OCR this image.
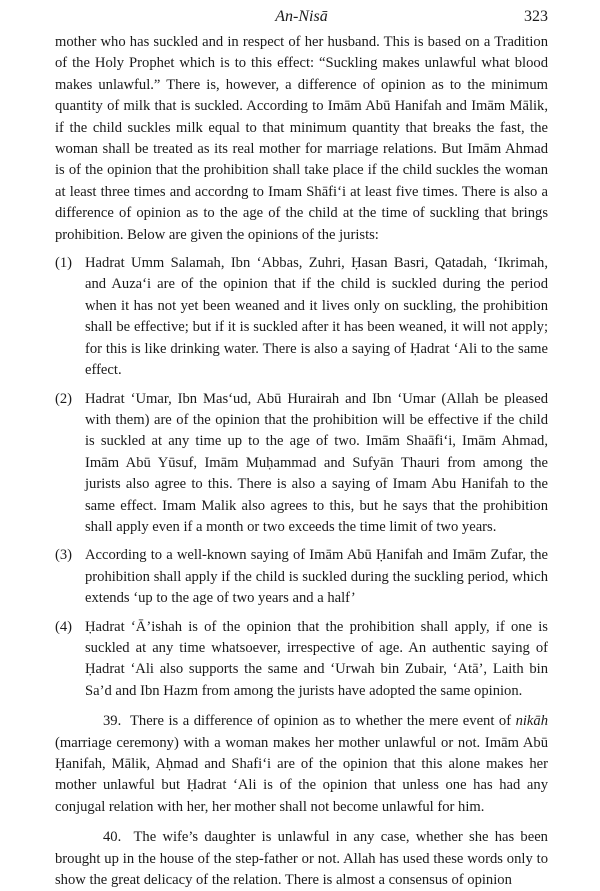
An-Nisā	323

mother who has suckled and in respect of her husband. This is based on a Tradition of the Holy Prophet which is to this effect: “Suckling makes unlawful what blood makes unlawful.” There is, however, a difference of opinion as to the minimum quantity of milk that is suckled. According to Imām Abū Hanifah and Imām Mālik, if the child suckles milk equal to that minimum quantity that breaks the fast, the woman shall be treated as its real mother for marriage relations. But Imām Ahmad is of the opinion that the prohibition shall take place if the child suckles the woman at least three times and accordng to Imam Shāfi‘i at least five times. There is also a difference of opinion as to the age of the child at the time of suckling that brings prohibition. Below are given the opinions of the jurists:

(1) Hadrat Umm Salamah, Ibn ‘Abbas, Zuhri, Ḥasan Basri, Qatadah, ‘Ikrimah, and Auza‘i are of the opinion that if the child is suckled during the period when it has not yet been weaned and it lives only on suckling, the prohibition shall be effective; but if it is suckled after it has been weaned, it will not apply; for this is like drinking water. There is also a saying of Ḥadrat ‘Ali to the same effect.
(2) Hadrat ‘Umar, Ibn Mas‘ud, Abū Hurairah and Ibn ‘Umar (Allah be pleased with them) are of the opinion that the prohibition will be effective if the child is suckled at any time up to the age of two. Imām Shaāfi‘i, Imām Ahmad, Imām Abū Yūsuf, Imām Muḥammad and Sufyān Thauri from among the jurists also agree to this. There is also a saying of Imam Abu Hanifah to the same effect. Imam Malik also agrees to this, but he says that the prohibition shall apply even if a month or two exceeds the time limit of two years.
(3) According to a well-known saying of Imām Abū Ḥanifah and Imām Zufar, the prohibition shall apply if the child is suckled during the suckling period, which extends ‘up to the age of two years and a half’
(4) Ḥadrat ‘Ā’ishah is of the opinion that the prohibition shall apply, if one is suckled at any time whatsoever, irrespective of age. An authentic saying of Ḥadrat ‘Ali also supports the same and ‘Urwah bin Zubair, ‘Atā’, Laith bin Sa’d and Ibn Hazm from among the jurists have adopted the same opinion.

39. There is a difference of opinion as to whether the mere event of nikāh (marriage ceremony) with a woman makes her mother unlawful or not. Imām Abū Ḥanifah, Mālik, Aḥmad and Shafi‘i are of the opinion that this alone makes her mother unlawful but Ḥadrat ‘Ali is of the opinion that unless one has had any conjugal relation with her, her mother shall not become unlawful for him.

40. The wife’s daughter is unlawful in any case, whether she has been brought up in the house of the step-father or not. Allah has used these words only to show the great delicacy of the relation. There is almost a consensus of opinion
